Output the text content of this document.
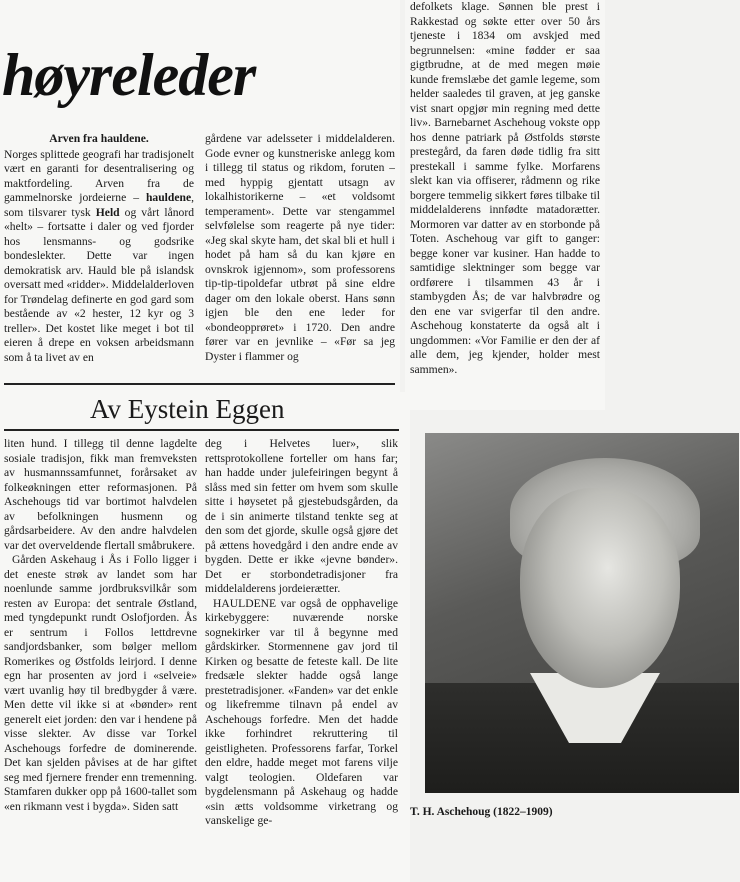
høyreleder

Arven fra hauldene.
Norges splittede geografi har tradisjonelt vært en garanti for desentralisering og maktfordeling. Arven fra de gammelnorske jordeierne – hauldene, som tilsvarer tysk Held og vårt lånord «helt» – fortsatte i daler og ved fjorder hos lensmanns- og godsrike bondeslekter. Dette var ingen demokratisk arv. Hauld ble på islandsk oversatt med «ridder». Middelalderloven for Trøndelag definerte en god gard som bestående av «2 hester, 12 kyr og 3 treller». Det kostet like meget i bot til eieren å drepe en voksen arbeidsmann som å ta livet av en

gårdene var adelsseter i middelalderen. Gode evner og kunstneriske anlegg kom i tillegg til status og rikdom, foruten – med hyppig gjentatt utsagn av lokalhistorikerne – «et voldsomt temperament». Dette var stengammel selvfølelse som reagerte på nye tider: «Jeg skal skyte ham, det skal bli et hull i hodet på ham så du kan kjøre en ovnskrok igjennom», som professorens tip-tip-tipoldefar utbrøt på sine eldre dager om den lokale oberst. Hans sønn igjen ble den ene leder for «bondeopprøret» i 1720. Den andre fører var en jevnlike – «Før sa jeg Dyster i flammer og

Av Eystein Eggen

defolkets klage. Sønnen ble prest i Rakkestad og søkte etter over 50 års tjeneste i 1834 om avskjed med begrunnelsen: «mine fødder er saa gigtbrudne, at de med megen møie kunde fremslæbe det gamle legeme, som helder saaledes til graven, at jeg ganske vist snart opgjør min regning med dette liv». Barnebarnet Aschehoug vokste opp hos denne patriark på Østfolds største prestegård, da faren døde tidlig fra sitt prestekall i samme fylke. Morfarens slekt kan via offiserer, rådmenn og rike borgere temmelig sikkert føres tilbake til middelalderens innfødte matadorætter. Mormoren var datter av en storbonde på Toten. Aschehoug var gift to ganger: begge koner var kusiner. Han hadde to samtidige slektninger som begge var ordførere i tilsammen 43 år i stambygden Ås; de var halvbrødre og den ene var svigerfar til den andre. Aschehoug konstaterte da også alt i ungdommen: «Vor Familie er den der af alle dem, jeg kjender, holder mest sammen».

liten hund. I tillegg til denne lagdelte sosiale tradisjon, fikk man fremveksten av husmannssamfunnet, forårsaket av folkeøkningen etter reformasjonen. På Aschehougs tid var bortimot halvdelen av befolkningen husmenn og gårdsarbeidere. Av den andre halvdelen var det overveldende flertall småbrukere.

Gården Askehaug i Ås i Follo ligger i det eneste strøk av landet som har noenlunde samme jordbruksvilkår som resten av Europa: det sentrale Østland, med tyngdepunkt rundt Oslofjorden. Ås er sentrum i Follos lettdrevne sandjordsbanker, som bølger mellom Romerikes og Østfolds leirjord. I denne egn har prosenten av jord i «selveie» vært uvanlig høy til bredbygder å være. Men dette vil ikke si at «bønder» rent generelt eiet jorden: den var i hendene på visse slekter. Av disse var Torkel Aschehougs forfedre de dominerende. Det kan sjelden påvises at de har giftet seg med fjernere frender enn tremenning. Stamfaren dukker opp på 1600-tallet som «en rikmann vest i bygda». Siden satt

deg i Helvetes luer», slik rettsprotokollene forteller om hans far; han hadde under julefeiringen begynt å slåss med sin fetter om hvem som skulle sitte i høysetet på gjestebudsgården, da de i sin animerte tilstand tenkte seg at den som det gjorde, skulle også gjøre det på ættens hovedgård i den andre ende av bygden. Dette er ikke «jevne bønder». Det er storbondetradisjoner fra middelalderens jordeierætter.

HAULDENE var også de opphavelige kirkebyggere: nuværende norske sognekirker var til å begynne med gårdskirker. Stormennene gav jord til Kirken og besatte de feteste kall. De lite fredsæle slekter hadde også lange prestetradisjoner. «Fanden» var det enkle og likefremme tilnavn på endel av Aschehougs forfedre. Men det hadde ikke forhindret rekruttering til geistligheten. Professorens farfar, Torkel den eldre, hadde meget mot farens vilje valgt teologien. Oldefaren var bygdelensmann på Askehaug og hadde «sin ætts voldsomme virketrang og vanskelige ge-

T. H. Aschehoug (1822–1909)
